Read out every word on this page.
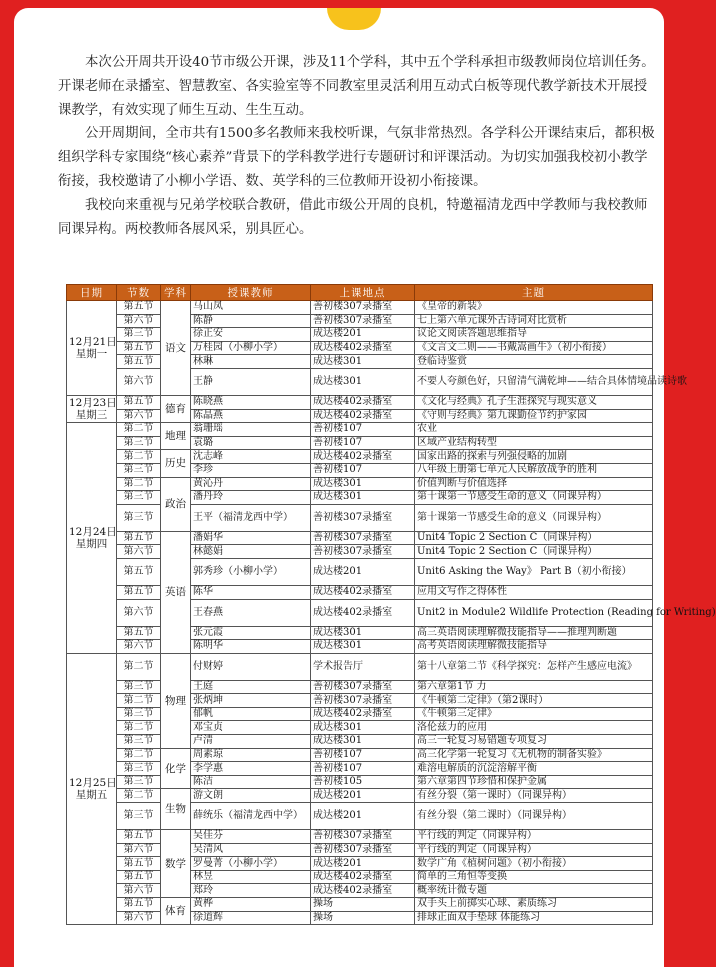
本次公开周共开设40节市级公开课，涉及11个学科，其中五个学科承担市级教师岗位培训任务。开课老师在录播室、智慧教室、各实验室等不同教室里灵活利用互动式白板等现代教学新技术开展授课教学，有效实现了师生互动、生生互动。

公开周期间，全市共有1500多名教师来我校听课，气氛非常热烈。各学科公开课结束后，都积极组织学科专家围绕“核心素养”背景下的学科教学进行专题研讨和评课活动。为切实加强我校初小教学衔接，我校邀请了小柳小学语、数、英学科的三位教师开设初小衔接课。

我校向来重视与兄弟学校联合教研，借此市级公开周的良机，特邀福清龙西中学教师与我校教师同课异构。两校教师各展风采，别具匠心。

日期	节数	学科	授课教师	上课地点	主题

12月21日
星期一	第五节	语文	马山凤	善初楼307录播室	《皇帝的新装》
	第六节		陈静	善初楼307录播室	七上第六单元课外古诗词对比赏析
	第三节		徐正安	成达楼201	议论文阅读答题思维指导
	第五节		万桂园（小柳小学）	成达楼402录播室	《文言文二则——书戴嵩画牛》（初小衔接）
	第五节		林琳	成达楼301	登临诗鉴赏
	第六节		王静	成达楼301	不要人夸颜色好，只留清气满乾坤——结合具体情境品读诗歌

12月23日
星期三	第五节	德育	陈晓燕	成达楼402录播室	《文化与经典》孔子生涯探究与现实意义
	第六节		陈晶燕	成达楼402录播室	《守则与经典》第九课勤俭节约护家园

12月24日
星期四	第二节	地理	翁珊瑶	善初楼107	农业
	第三节		袁璐	善初楼107	区域产业结构转型
	第二节	历史	沈志峰	成达楼402录播室	国家出路的探索与列强侵略的加剧
	第三节		李珍	善初楼107	八年级上册第七单元人民解放战争的胜利
	第二节	政治	黄沁丹	成达楼301	价值判断与价值选择
	第三节		潘丹玲	成达楼301	第十课第一节感受生命的意义（同课异构）
	第三节		王平（福清龙西中学）	善初楼307录播室	第十课第一节感受生命的意义（同课异构）
	第五节	英语	潘娟华	善初楼307录播室	Unit4 Topic 2 Section C（同课异构）
	第六节		林懿娟	善初楼307录播室	Unit4 Topic 2 Section C（同课异构）
	第五节		郭秀珍（小柳小学）	成达楼201	Unit6 Asking the Way》 Part B（初小衔接）
	第五节		陈华	成达楼402录播室	应用文写作之得体性
	第六节		王春燕	成达楼402录播室	Unit2 in Module2 Wildlife Protection (Reading for Writing)
	第五节		张元霞	成达楼301	高三英语阅读理解微技能指导——推理判断题
	第六节		陈明华	成达楼301	高考英语阅读理解微技能指导

12月25日
星期五	第二节	物理	付财婷	学术报告厅	第十八章第二节《科学探究：怎样产生感应电流》
	第三节		王庭	善初楼307录播室	第六章第1节 力
	第二节		张炳坤	善初楼307录播室	《牛顿第二定律》（第2课时）
	第三节		郁帆	成达楼402录播室	《牛顿第三定律》
	第二节		邓宝贞	成达楼301	洛伦兹力的应用
	第三节		卢清	成达楼301	高三一轮复习易错题专项复习
	第二节	化学	周素琼	善初楼107	高三化学第一轮复习《无机物的制备实验》
	第三节		李学惠	善初楼107	难溶电解质的沉淀溶解平衡
	第三节		陈洁	善初楼105	第六章第四节珍惜和保护金属
	第二节	生物	游文朗	成达楼201	有丝分裂（第一课时）（同课异构）
	第三节		薛统乐（福清龙西中学）	成达楼201	有丝分裂（第二课时）（同课异构）
	第五节	数学	吴佳芬	善初楼307录播室	平行线的判定（同课异构）
	第六节		吴清风	善初楼307录播室	平行线的判定（同课异构）
	第五节		罗曼菁（小柳小学）	成达楼201	数学广角《植树问题》（初小衔接）
	第五节		林昱	成达楼402录播室	简单的三角恒等变换
	第六节		郑玲	成达楼402录播室	概率统计微专题
	第五节	体育	黄桦	操场	双手头上前掷实心球、素质练习
	第六节		徐道辉	操场	排球正面双手垫球 体能练习
